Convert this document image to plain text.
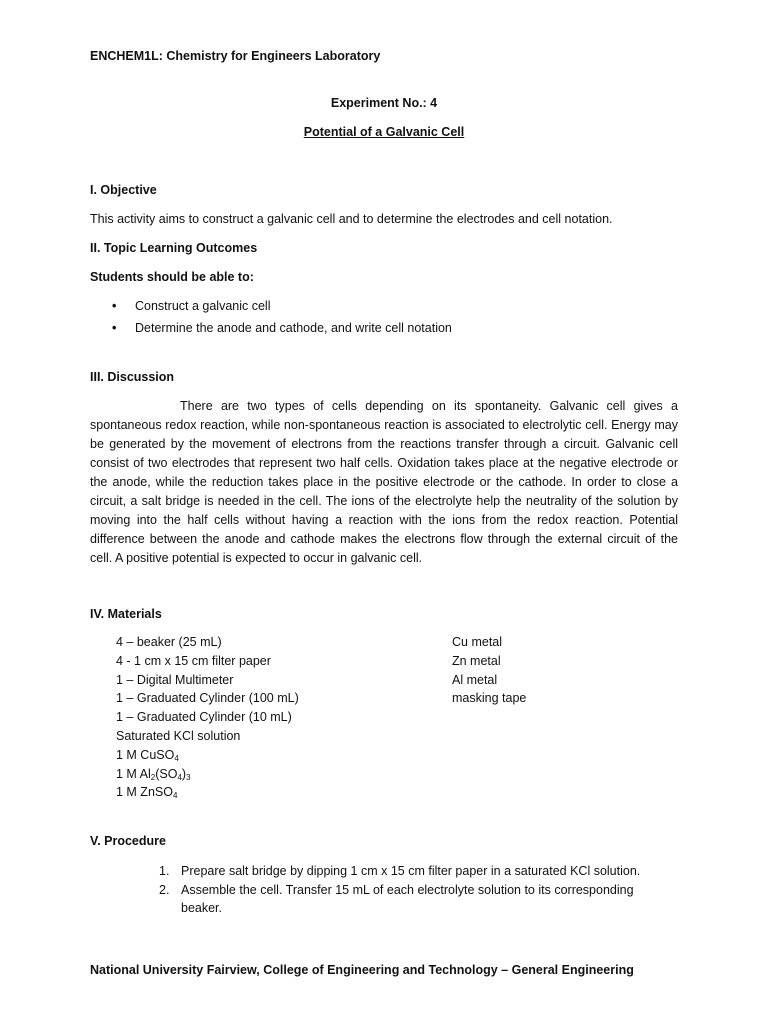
ENCHEM1L: Chemistry for Engineers Laboratory
Experiment No.: 4
Potential of a Galvanic Cell
I. Objective
This activity aims to construct a galvanic cell and to determine the electrodes and cell notation.
II. Topic Learning Outcomes
Students should be able to:
• Construct a galvanic cell
• Determine the anode and cathode, and write cell notation
III. Discussion
There are two types of cells depending on its spontaneity. Galvanic cell gives a spontaneous redox reaction, while non-spontaneous reaction is associated to electrolytic cell. Energy may be generated by the movement of electrons from the reactions transfer through a circuit. Galvanic cell consist of two electrodes that represent two half cells. Oxidation takes place at the negative electrode or the anode, while the reduction takes place in the positive electrode or the cathode. In order to close a circuit, a salt bridge is needed in the cell. The ions of the electrolyte help the neutrality of the solution by moving into the half cells without having a reaction with the ions from the redox reaction. Potential difference between the anode and cathode makes the electrons flow through the external circuit of the cell. A positive potential is expected to occur in galvanic cell.
IV. Materials
4 – beaker (25 mL)
4 - 1 cm x 15 cm filter paper
1 – Digital Multimeter
1 – Graduated Cylinder (100 mL)
1 – Graduated Cylinder (10 mL)
Saturated KCl solution
1 M CuSO$_4$
1 M $Al_2(SO_4)_3$
1 M ZnSO$_4$
Cu metal
Zn metal
Al metal
masking tape
V. Procedure
1. Prepare salt bridge by dipping 1 cm x 15 cm filter paper in a saturated KCl solution.
2. Assemble the cell. Transfer 15 mL of each electrolyte solution to its corresponding beaker.
National University Fairview, College of Engineering and Technology – General Engineering
